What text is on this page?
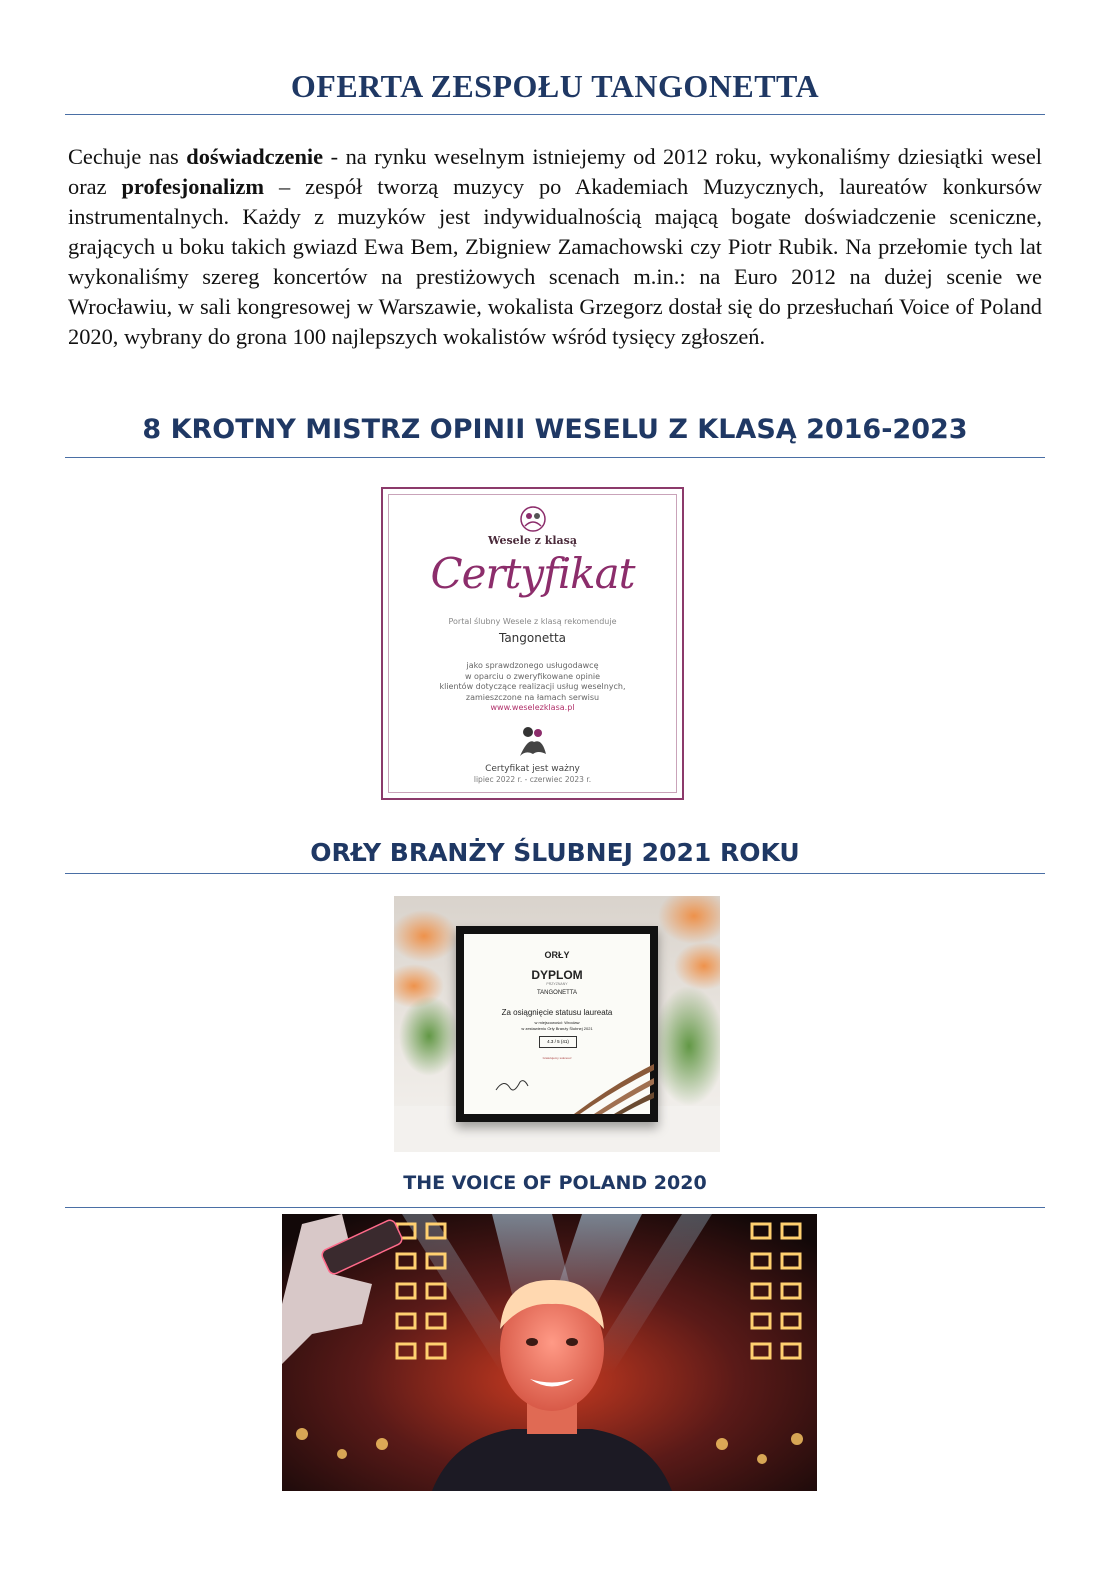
OFERTA ZESPOŁU TANGONETTA
Cechuje nas doświadczenie - na rynku weselnym istniejemy od 2012 roku, wykonaliśmy dziesiątki wesel oraz profesjonalizm – zespół tworzą muzycy po Akademiach Muzycznych, laureatów konkursów instrumentalnych. Każdy z muzyków jest indywidualnością mającą bogate doświadczenie sceniczne, grających u boku takich gwiazd Ewa Bem, Zbigniew Zamachowski czy Piotr Rubik. Na przełomie tych lat wykonaliśmy szereg koncertów na prestiżowych scenach m.in.: na Euro 2012 na dużej scenie we Wrocławiu, w sali kongresowej w Warszawie, wokalista Grzegorz dostał się do przesłuchań Voice of Poland 2020, wybrany do grona 100 najlepszych wokalistów wśród tysięcy zgłoszeń.
8 KROTNY MISTRZ OPINII WESELU Z KLASĄ 2016-2023
Wesele z klasą
Certyfikat
Portal ślubny Wesele z klasą rekomenduje
Tangonetta
jako sprawdzonego usługodawcę
w oparciu o zweryfikowane opinie
klientów dotyczące realizacji usług weselnych,
zamieszczone na łamach serwisu
www.weselezklasa.pl
Certyfikat jest ważny
lipiec 2022 r. - czerwiec 2023 r.
ORŁY BRANŻY ŚLUBNEJ 2021 ROKU
ORŁY
DYPLOM
PRZYZNANY
TANGONETTA
Za osiągnięcie statusu laureata
w miejscowości: Wrocław
w zestawieniu Orły Branży Ślubnej 2021
4.3 / 5 (41)
Gratulujemy sukcesu!
THE VOICE OF POLAND 2020
